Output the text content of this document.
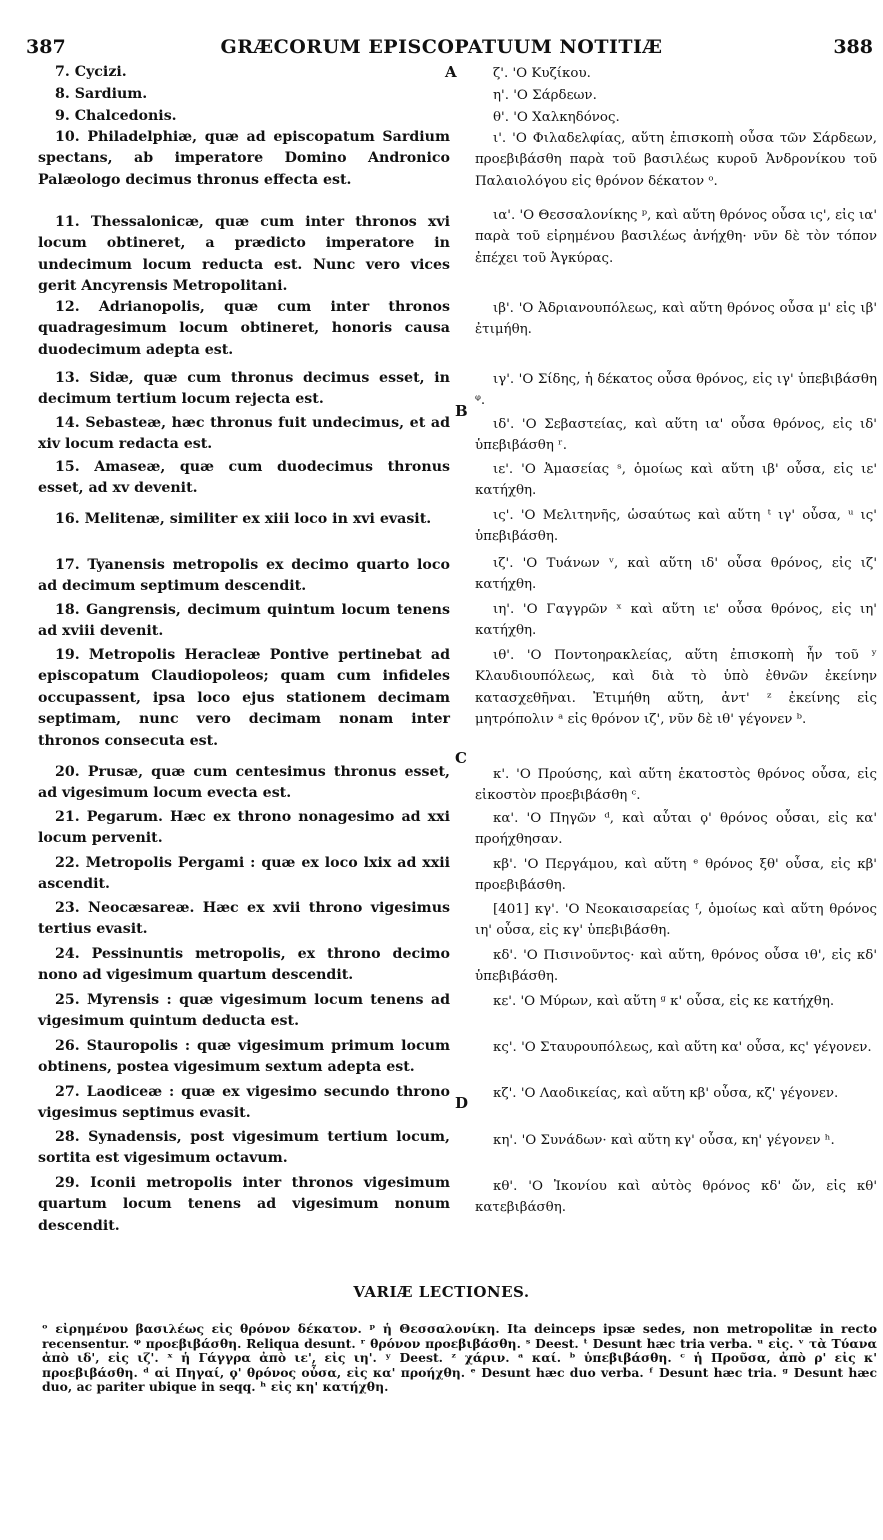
387	GRÆCORUM EPISCOPATUUM NOTITIÆ	388
A
B
C
D
7. Cycizi.
8. Sardium.
9. Chalcedonis.
10. Philadelphiæ, quæ ad episcopatum Sardium spectans, ab imperatore Domino Andronico Palæologo decimus thronus effecta est.
11. Thessalonicæ, quæ cum inter thronos xvi locum obtineret, a prædicto imperatore in undecimum locum reducta est. Nunc vero vices gerit Ancyrensis Metropolitani.
12. Adrianopolis, quæ cum inter thronos quadragesimum locum obtineret, honoris causa duodecimum adepta est.
13. Sidæ, quæ cum thronus decimus esset, in decimum tertium locum rejecta est.
14. Sebasteæ, hæc thronus fuit undecimus, et ad xiv locum redacta est.
15. Amaseæ, quæ cum duodecimus thronus esset, ad xv devenit.
16. Melitenæ, similiter ex xiii loco in xvi evasit.
17. Tyanensis metropolis ex decimo quarto loco ad decimum septimum descendit.
18. Gangrensis, decimum quintum locum tenens ad xviii devenit.
19. Metropolis Heracleæ Pontive pertinebat ad episcopatum Claudiopoleos; quam cum infideles occupassent, ipsa loco ejus stationem decimam septimam, nunc vero decimam nonam inter thronos consecuta est.
20. Prusæ, quæ cum centesimus thronus esset, ad vigesimum locum evecta est.
21. Pegarum. Hæc ex throno nonagesimo ad xxi locum pervenit.
22. Metropolis Pergami : quæ ex loco lxix ad xxii ascendit.
23. Neocæsareæ. Hæc ex xvii throno vigesimus tertius evasit.
24. Pessinuntis metropolis, ex throno decimo nono ad vigesimum quartum descendit.
25. Myrensis : quæ vigesimum locum tenens ad vigesimum quintum deducta est.
26. Stauropolis : quæ vigesimum primum locum obtinens, postea vigesimum sextum adepta est.
27. Laodiceæ : quæ ex vigesimo secundo throno vigesimus septimus evasit.
28. Synadensis, post vigesimum tertium locum, sortita est vigesimum octavum.
29. Iconii metropolis inter thronos vigesimum quartum locum tenens ad vigesimum nonum descendit.
ζ'. 'Ο Κυζίκου.
η'. 'Ο Σάρδεων.
θ'. 'Ο Χαλκηδόνος.
ι'. 'Ο Φιλαδελφίας, αὕτη ἐπισκοπὴ οὖσα τῶν Σάρδεων, προεβιβάσθη παρὰ τοῦ βασιλέως κυροῦ Ἀνδρονίκου τοῦ Παλαιολόγου εἰς θρόνον δέκατον ᵒ.
ια'. 'Ο Θεσσαλονίκης ᵖ, καὶ αὕτη θρόνος οὖσα ις', εἰς ια' παρὰ τοῦ εἰρημένου βασιλέως ἀνήχθη· νῦν δὲ τὸν τόπον ἐπέχει τοῦ Ἀγκύρας.
ιβ'. 'Ο Ἀδριανουπόλεως, καὶ αὕτη θρόνος οὖσα μ' εἰς ιβ' ἐτιμήθη.
ιγ'. 'Ο Σίδης, ἡ δέκατος οὖσα θρόνος, εἰς ιγ' ὑπεβιβάσθη ᵠ.
ιδ'. 'Ο Σεβαστείας, καὶ αὕτη ια' οὖσα θρόνος, εἰς ιδ' ὑπεβιβάσθη ʳ.
ιε'. 'Ο Ἀμασείας ˢ, ὁμοίως καὶ αὕτη ιβ' οὖσα, εἰς ιε' κατήχθη.
ις'. 'Ο Μελιτηνῆς, ὡσαύτως καὶ αὕτη ᵗ ιγ' οὖσα, ᵘ ις' ὑπεβιβάσθη.
ιζ'. 'Ο Τυάνων ᵛ, καὶ αὕτη ιδ' οὖσα θρόνος, εἰς ιζ' κατήχθη.
ιη'. 'Ο Γαγγρῶν ˣ καὶ αὕτη ιε' οὖσα θρόνος, εἰς ιη' κατήχθη.
ιθ'. 'Ο Ποντοηρακλείας, αὕτη ἐπισκοπὴ ἦν τοῦ ʸ Κλαυδιουπόλεως, καὶ διὰ τὸ ὑπὸ ἐθνῶν ἐκείνην κατασχεθῆναι. Ἐτιμήθη αὕτη, ἀντ' ᶻ ἐκείνης εἰς μητρόπολιν ᵃ εἰς θρόνον ιζ', νῦν δὲ ιθ' γέγονεν ᵇ.
κ'. 'Ο Προύσης, καὶ αὕτη ἑκατοστὸς θρόνος οὖσα, εἰς εἰκοστὸν προεβιβάσθη ᶜ.
κα'. 'Ο Πηγῶν ᵈ, καὶ αὗται ϙ' θρόνος οὖσαι, εἰς κα' προήχθησαν.
κβ'. 'Ο Περγάμου, καὶ αὕτη ᵉ θρόνος ξθ' οὖσα, εἰς κβ' προεβιβάσθη.
[401] κγ'. 'Ο Νεοκαισαρείας ᶠ, ὁμοίως καὶ αὕτη θρόνος ιη' οὖσα, εἰς κγ' ὑπεβιβάσθη.
κδ'. 'Ο Πισινοῦντος· καὶ αὕτη, θρόνος οὖσα ιθ', εἰς κδ' ὑπεβιβάσθη.
κε'. 'Ο Μύρων, καὶ αὕτη ᵍ κ' οὖσα, εἰς κε κατήχθη.
κς'. 'Ο Σταυρουπόλεως, καὶ αὕτη κα' οὖσα, κς' γέγονεν.
κζ'. 'Ο Λαοδικείας, καὶ αὕτη κβ' οὖσα, κζ' γέγονεν.
κη'. 'Ο Συνάδων· καὶ αὕτη κγ' οὖσα, κη' γέγονεν ʰ.
κθ'. 'Ο Ἰκονίου καὶ αὐτὸς θρόνος κδ' ὤν, εἰς κθ' κατεβιβάσθη.
VARIÆ LECTIONES.
ᵒ εἰρημένου βασιλέως εἰς θρόνον δέκατον. ᵖ ἡ Θεσσαλονίκη. Ita deinceps ipsæ sedes, non metropolitæ in recto recensentur. ᵠ προεβιβάσθη. Reliqua desunt. ʳ θρόνον προεβιβάσθη. ˢ Deest. ᵗ Desunt hæc tria verba. ᵘ εἰς. ᵛ τὰ Τύανα ἀπὸ ιδ', εἰς ιζ'. ˣ ἡ Γάγγρα ἀπὸ ιε', εἰς ιη'. ʸ Deest. ᶻ χάριν. ᵃ καί. ᵇ ὑπεβιβάσθη. ᶜ ἡ Προῦσα, ἀπὸ ρ' εἰς κ' προεβιβάσθη. ᵈ αἱ Πηγαί, ϙ' θρόνος οὖσα, εἰς κα' προήχθη. ᵉ Desunt hæc duo verba. ᶠ Desunt hæc tria. ᵍ Desunt hæc duo, ac pariter ubique in seqq. ʰ εἰς κη' κατήχθη.
